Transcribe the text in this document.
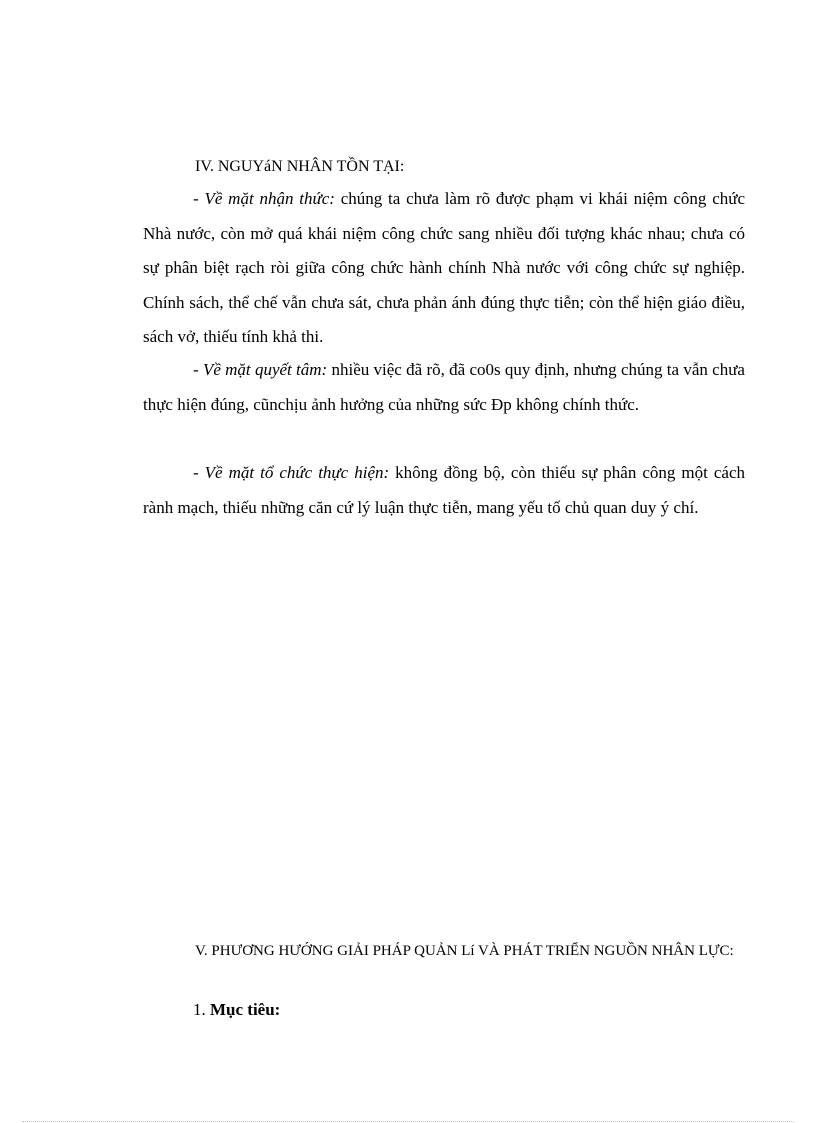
IV. NGUYáN NHÂN TỒN TẠI:
- Về mặt nhận thức: chúng ta chưa làm rõ được phạm vi khái niệm công chức Nhà nước, còn mở quá khái niệm công chức sang nhiều đối tượng khác nhau; chưa có sự phân biệt rạch ròi giữa công chức hành chính Nhà nước với công chức sự nghiệp. Chính sách, thể chế vẫn chưa sát, chưa phản ánh đúng thực tiễn; còn thể hiện giáo điều, sách vở, thiếu tính khả thi.
- Về mặt quyết tâm: nhiều việc đã rõ, đã co0s quy định, nhưng chúng ta vẫn chưa thực hiện đúng, cũnchịu ảnh hưởng của những sức Đp không chính thức.
- Về mặt tổ chức thực hiện: không đồng bộ, còn thiếu sự phân công một cách rành mạch, thiếu những căn cứ lý luận thực tiễn, mang yếu tố chủ quan duy ý chí.
V. PHƯƠNG HƯỚNG GIẢI PHÁP QUẢN Lí VÀ PHÁT TRIỂN NGUỒN NHÂN LỰC:
1. Mục tiêu:
